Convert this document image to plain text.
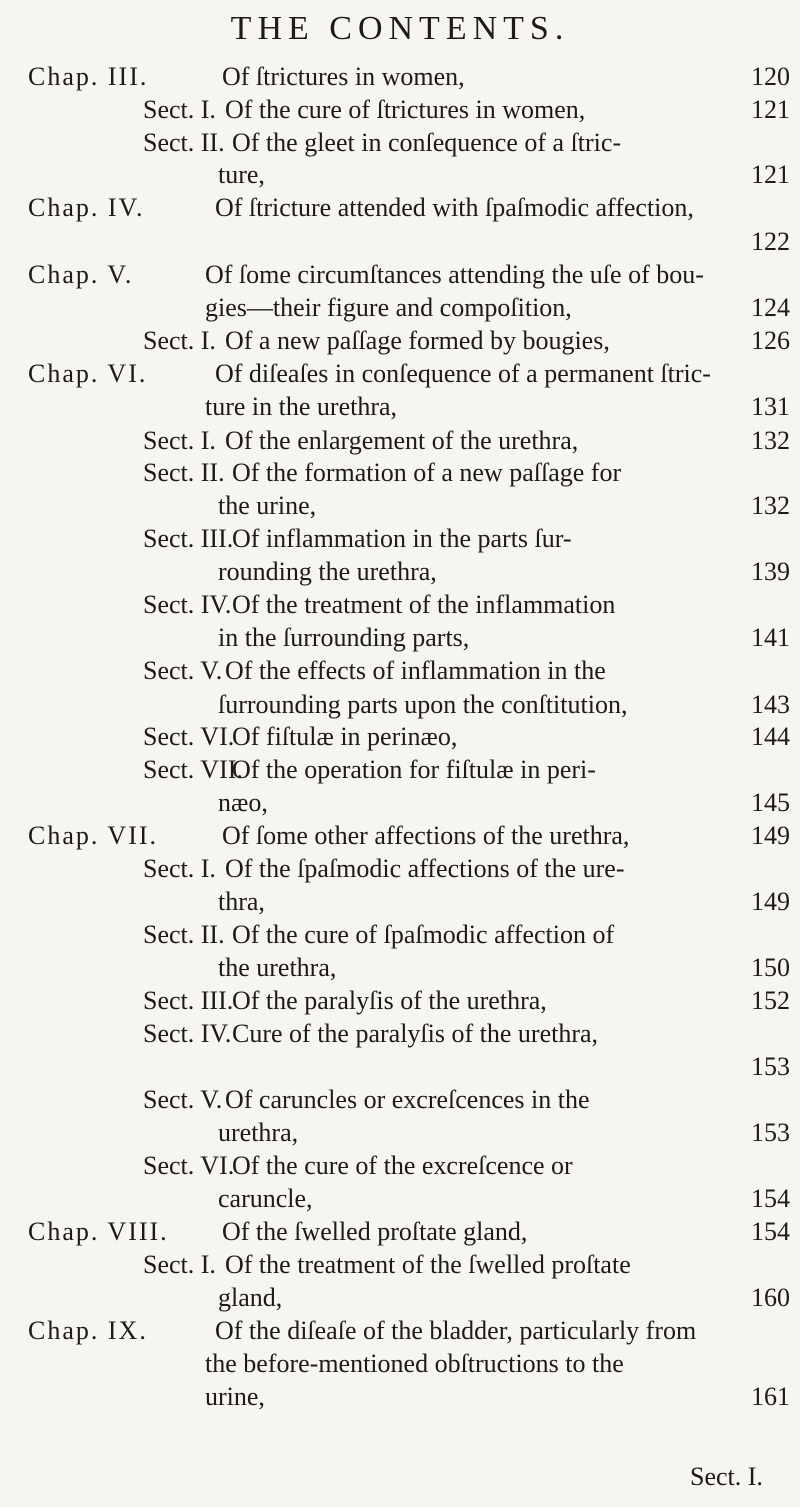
THE CONTENTS.
Chap. III.	Of ſtrictures in women,	120
Sect. I. Of the cure of ſtrictures in women,	121
Sect. II. Of the gleet in conſequence of a ſtric-
ture,	121
Chap. IV.	Of ſtricture attended with ſpaſmodic affection,
122
Chap. V.	Of ſome circumſtances attending the uſe of bou-
gies—their figure and compoſition,	124
Sect. I. Of a new paſſage formed by bougies,	126
Chap. VI.	Of diſeaſes in conſequence of a permanent ſtric-
ture in the urethra,	131
Sect. I. Of the enlargement of the urethra,	132
Sect. II. Of the formation of a new paſſage for
the urine,	132
Sect. III.
Of inflammation in the parts ſur-
rounding the urethra,	139
Sect. IV. Of the treatment of the inflammation
in the ſurrounding parts,	141
Sect. V. Of the effects of inflammation in the
ſurrounding parts upon the conſtitution,	143
Sect. VI.
Of fiſtulæ in perinæo,	144
Sect. VII.
Of the operation for fiſtulæ in peri-
næo,	145
Chap. VII. Of ſome other affections of the urethra,	149
Sect. I. Of the ſpaſmodic affections of the ure-
thra,	149
Sect. II. Of the cure of ſpaſmodic affection of
the urethra,	150
Sect. III.
Of the paralyſis of the urethra,	152
Sect. IV. Cure of the paralyſis of the urethra,
153
Sect. V. Of caruncles or excreſcences in the
urethra,	153
Sect. VI.
Of the cure of the excreſcence or
caruncle,	154
Chap. VIII. Of the ſwelled proſtate gland,	154
Sect. I. Of the treatment of the ſwelled proſtate
gland,	160
Chap. IX.	Of the diſeaſe of the bladder, particularly from
the before-mentioned obſtructions to the
urine,	161
Sect. I.
